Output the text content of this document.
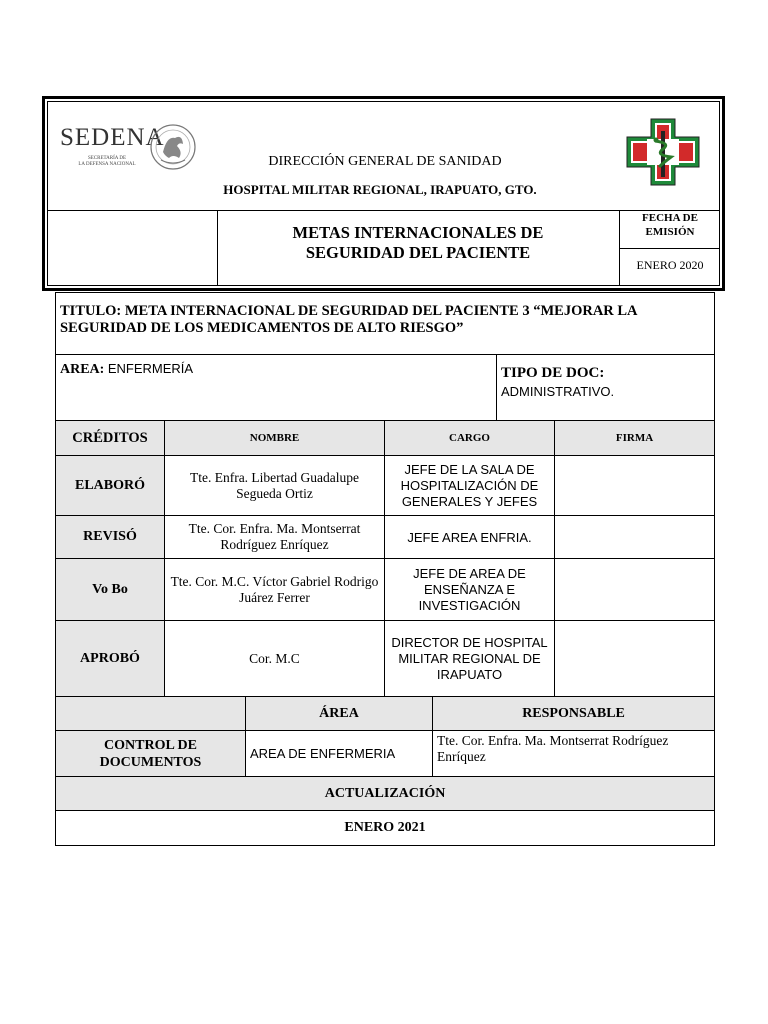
SEDENA
SECRETARÍA DE
LA DEFENSA NACIONAL	DIRECCIÓN GENERAL DE SANIDAD
HOSPITAL MILITAR REGIONAL, IRAPUATO, GTO.
METAS INTERNACIONALES DE
SEGURIDAD DEL PACIENTE
FECHA DE
EMISIÓN
ENERO 2020
TITULO: META INTERNACIONAL DE SEGURIDAD DEL PACIENTE 3 “MEJORAR LA SEGURIDAD DE LOS MEDICAMENTOS DE ALTO RIESGO”						
AREA: ENFERMERÍA					TIPO DE DOC:
ADMINISTRATIVO.	

CRÉDITOS	NOMBRE		CARGO			FIRMA
ELABORÓ	Tte. Enfra. Libertad Guadalupe Segueda Ortiz		JEFE DE LA SALA DE HOSPITALIZACIÓN DE GENERALES Y JEFES			
REVISÓ	Tte. Cor. Enfra. Ma. Montserrat Rodríguez Enríquez		JEFE AREA ENFRIA.			
Vo Bo	Tte. Cor. M.C. Víctor Gabriel Rodrigo Juárez Ferrer		JEFE DE AREA DE ENSEÑANZA E INVESTIGACIÓN			
APROBÓ	Cor. M.C		DIRECTOR DE HOSPITAL MILITAR REGIONAL DE IRAPUATO			
		ÁREA		RESPONSABLE		
CONTROL DE DOCUMENTOS		AREA DE ENFERMERIA		Tte. Cor. Enfra. Ma. Montserrat Rodríguez Enríquez		
ACTUALIZACIÓN						
ENERO 2021						
